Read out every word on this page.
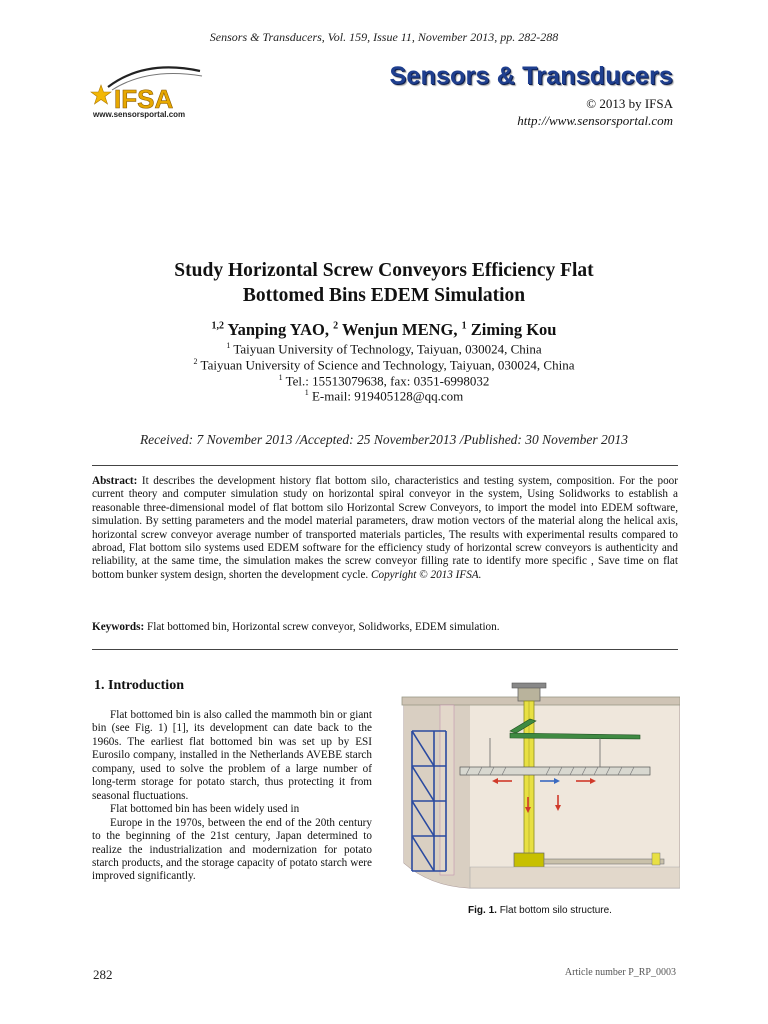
Sensors & Transducers, Vol. 159, Issue 11, November 2013, pp. 282-288
IFSA
www.sensorsportal.com
Sensors & Transducers
© 2013 by IFSA
http://www.sensorsportal.com
Study Horizontal Screw Conveyors Efficiency Flat
Bottomed Bins EDEM Simulation
$^{1,2}$ Yanping YAO, $^2$ Wenjun MENG, $^1$ Ziming Kou
$^1$ Taiyuan University of Technology, Taiyuan, 030024, China
$^2$ Taiyuan University of Science and Technology, Taiyuan, 030024, China
$^1$ Tel.: 15513079638, fax: 0351-6998032
$^1$ E-mail: 919405128@qq.com
Received: 7 November 2013 /Accepted: 25 November2013 /Published: 30 November 2013
Abstract: It describes the development history flat bottom silo, characteristics and testing system, composition. For the poor current theory and computer simulation study on horizontal spiral conveyor in the system, Using Solidworks to establish a reasonable three-dimensional model of flat bottom silo Horizontal Screw Conveyors, to import the model into EDEM software, simulation. By setting parameters and the model material parameters, draw motion vectors of the material along the helical axis, horizontal screw conveyor average number of transported materials particles, The results with experimental results compared to abroad, Flat bottom silo systems used EDEM software for the efficiency study of horizontal screw conveyors is authenticity and reliability, at the same time, the simulation makes the screw conveyor filling rate to identify more specific , Save time on flat bottom bunker system design, shorten the development cycle. Copyright © 2013 IFSA.
Keywords: Flat bottomed bin, Horizontal screw conveyor, Solidworks, EDEM simulation.
1. Introduction

Flat bottomed bin is also called the mammoth bin or giant bin (see Fig. 1) [1], its development can date back to the 1960s. The earliest flat bottomed bin was set up by ESI Eurosilo company, installed in the Netherlands AVEBE starch company, used to solve the problem of a large number of long-term storage for potato starch, thus protecting it from seasonal fluctuations.

Flat bottomed bin has been widely used in

Europe in the 1970s, between the end of the 20th century to the beginning of the 21st century, Japan determined to realize the industrialization and modernization for potato starch products, and the storage capacity of potato starch were improved significantly.

Fig. 1. Flat bottom silo structure.
282	Article number P_RP_0003
